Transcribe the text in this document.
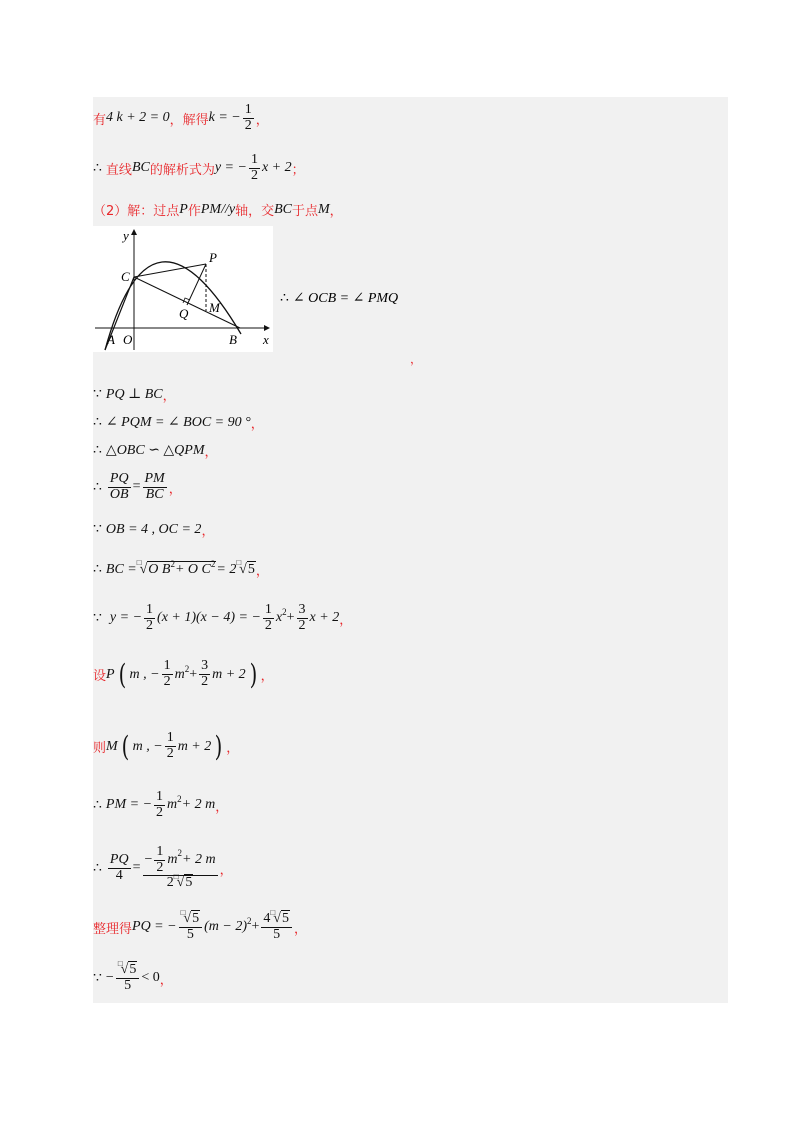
有 4 k + 2 = 0 ，解得 k = − $\frac{1}{2}$ ，
∴ 直线 BC 的解析式为 y = − $\frac{1}{2}$ x + 2 ；
（2）解：过点 P 作 PM // y 轴，交 BC 于点 M ，
y
x
C
P
Q M
A O	B
∴ ∠ OCB = ∠ PMQ
，
∵ PQ ⊥ BC ，
∴ ∠ PQM = ∠ BOC = 90 ° ，
∴ △OBC ∽ △QPM ，
∴ $\frac{PQ}{OB} = \frac{PM}{BC}$ ，
∵ OB = 4 , OC = 2 ，
∴ BC = □
√ O $B^2+ O$ $C^2 = 2$ □
√ 5 ，
∵ y = − $\frac{1}{2} (x + 1)(x - 4)$ = − $\frac{1}{2}$ x $2 + \frac{3}{2}$ x + 2 ，
设 P ( m , − $\frac{1}{2}$ m $2 + \frac{3}{2}$ m + 2 ) ，
则 M ( m , − $\frac{1}{2}$ m + 2 ) ，
∴ PM = − $\frac{1}{2}$ m 2 + 2 m ，
∴ $\frac{PQ}{4} = \frac{- \frac{1}{2} m 2 + 2 m}{2^□√5}$ ，
整理得 PQ = − $\frac{^□√5}{5} (m - 2) 2 + \frac{4^□√5}{5}$ ，
∵ − $\frac{^□√5}{5} < 0$ ，
